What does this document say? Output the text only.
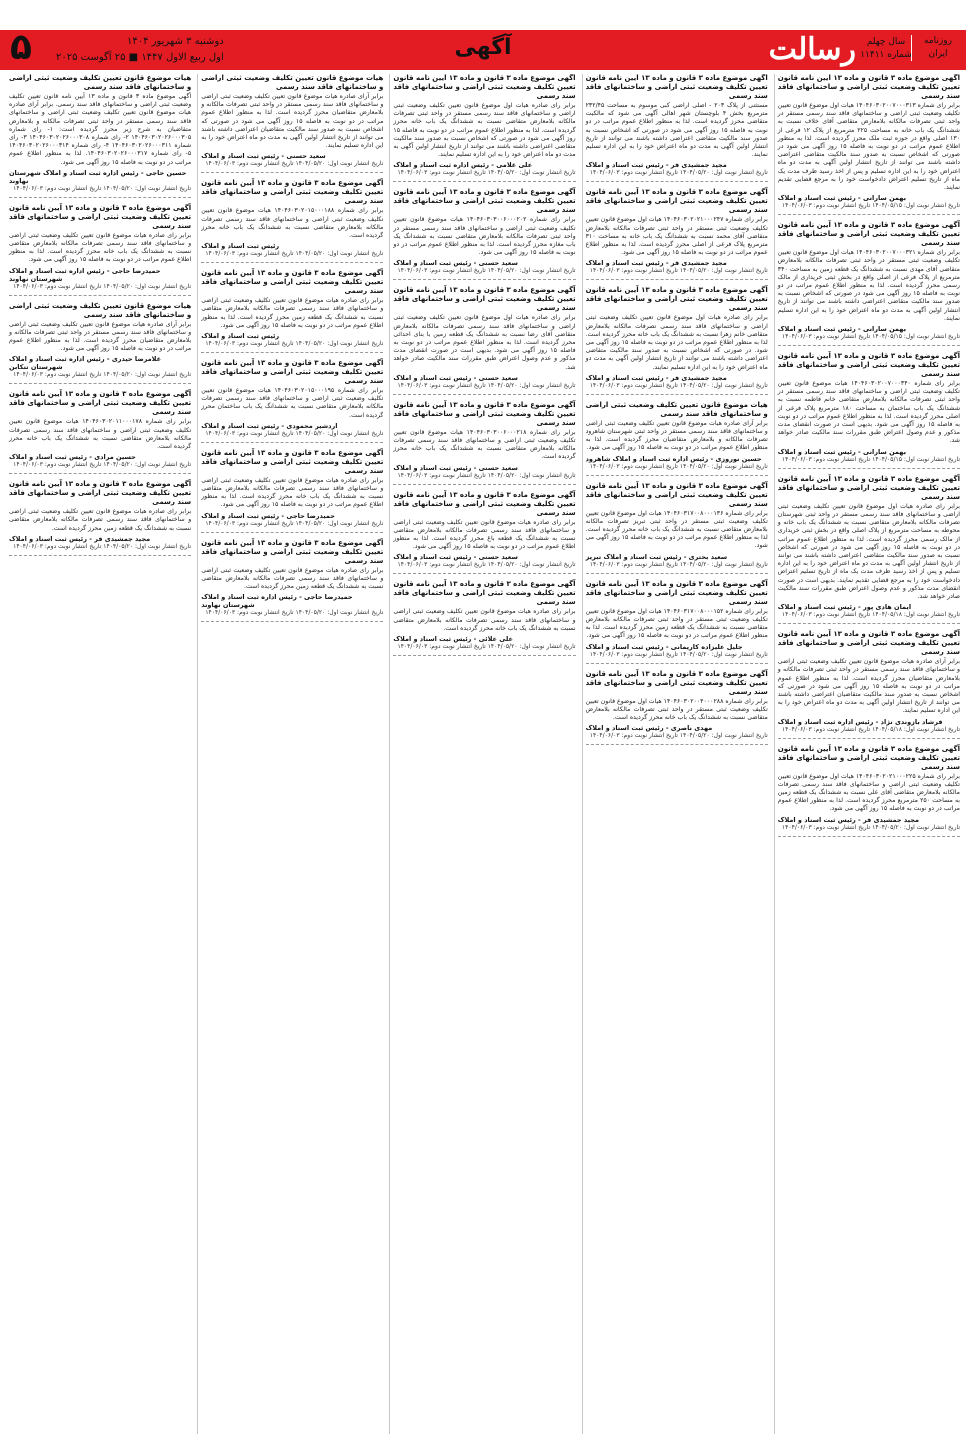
رسالت	روزنامه ایران
سال چهلم شماره ۱۱۴۱۱
آگهی
دوشنبه ۳ شهریور ۱۴۰۴
اول ربیع الاول ۱۴۴۷ ■ ۲۵ آگوست ۲۰۲۵
۵
آگهی موضوع ماده ۳ قانون و ماده ۱۳ آیین نامه قانون تعیین تکلیف وضعیت ثبتی اراضی و ساختمانهای فاقد سند رسمی
برابر رای شماره ۱۴۰۴۶۰۳۰۲۰۰۷۰۰۰۳۱۳ هیات اول موضوع قانون تعیین تکلیف وضعیت ثبتی اراضی و ساختمانهای فاقد سند رسمی مستقر در واحد ثبتی تصرفات مالکانه بلامعارض متقاضی آقای خلاف نسبت به ششدانگ یک باب خانه به مساحت ۲۲۵ مترمربع از پلاک ۱۲ فرعی از ۱۳۰ اصلی واقع در حوزه ثبت ملک محرز گردیده است. لذا به منظور اطلاع عموم مراتب در دو نوبت به فاصله ۱۵ روز آگهی می شود در صورتی که اشخاص نسبت به صدور سند مالکیت متقاضی اعتراضی داشته باشند می توانند از تاریخ انتشار اولین آگهی به مدت دو ماه اعتراض خود را به این اداره تسلیم و پس از اخذ رسید ظرف مدت یک ماه از تاریخ تسلیم اعتراض دادخواست خود را به مرجع قضایی تقدیم نمایند.
بهمن سارانی - رئیس ثبت اسناد و املاک
تاریخ انتشار نوبت اول: ۱۴۰۴/۰۵/۱۵ تاریخ انتشار نوبت دوم: ۱۴۰۴/۰۶/۰۳
آگهی موضوع ماده ۳ قانون و ماده ۱۳ آیین نامه قانون تعیین تکلیف وضعیت ثبتی اراضی و ساختمانهای فاقد سند رسمی
برابر رای شماره ۱۴۰۴۶۰۳۰۲۰۰۷۰۰۰۳۲۱ هیات اول موضوع قانون تعیین تکلیف وضعیت ثبتی مستقر در واحد ثبتی تصرفات مالکانه بلامعارض متقاضی آقای مهدی نسبت به ششدانگ یک قطعه زمین به مساحت ۳۴۰ مترمربع از پلاک فرعی از اصلی واقع در بخش ثبتی خریداری از مالک رسمی محرز گردیده است. لذا به منظور اطلاع عموم مراتب در دو نوبت به فاصله ۱۵ روز آگهی می شود در صورتی که اشخاص نسبت به صدور سند مالکیت متقاضی اعتراضی داشته باشند می توانند از تاریخ انتشار اولین آگهی به مدت دو ماه اعتراض خود را به این اداره تسلیم نمایند.
بهمن سارانی - رئیس ثبت اسناد و املاک
تاریخ انتشار نوبت اول: ۱۴۰۴/۰۵/۱۵ تاریخ انتشار نوبت دوم: ۱۴۰۴/۰۶/۰۳
آگهی موضوع ماده ۳ قانون و ماده ۱۳ آیین نامه قانون تعیین تکلیف وضعیت ثبتی اراضی و ساختمانهای فاقد سند رسمی
برابر رای شماره ۱۴۰۴۶۰۳۰۲۰۰۷۰۰۰۳۴۰ هیات موضوع قانون تعیین تکلیف وضعیت ثبتی اراضی و ساختمانهای فاقد سند رسمی مستقر در واحد ثبتی تصرفات مالکانه بلامعارض متقاضی خانم فاطمه نسبت به ششدانگ یک باب ساختمان به مساحت ۱۸۰ مترمربع پلاک فرعی از اصلی محرز گردیده است. لذا به منظور اطلاع عموم مراتب در دو نوبت به فاصله ۱۵ روز آگهی می شود. بدیهی است در صورت انقضای مدت مذکور و عدم وصول اعتراض طبق مقررات سند مالکیت صادر خواهد شد.
بهمن سارانی - رئیس ثبت اسناد و املاک
تاریخ انتشار نوبت اول: ۱۴۰۴/۰۵/۱۵ تاریخ انتشار نوبت دوم: ۱۴۰۴/۰۶/۰۳
آگهی موضوع ماده ۳ قانون و ماده ۱۳ آیین نامه قانون تعیین تکلیف وضعیت ثبتی اراضی و ساختمانهای فاقد سند رسمی
برابر رای صادره هیات اول موضوع قانون تعیین تکلیف وضعیت ثبتی اراضی و ساختمانهای فاقد سند رسمی مستقر در واحد ثبتی شهرستان تصرفات مالکانه بلامعارض متقاضی نسبت به ششدانگ یک باب خانه و محوطه به مساحت مترمربع از پلاک اصلی واقع در بخش ثبتی خریداری از مالک رسمی محرز گردیده است. لذا به منظور اطلاع عموم مراتب در دو نوبت به فاصله ۱۵ روز آگهی می شود در صورتی که اشخاص نسبت به صدور سند مالکیت متقاضی اعتراضی داشته باشند می توانند از تاریخ انتشار اولین آگهی به مدت دو ماه اعتراض خود را به این اداره تسلیم و پس از اخذ رسید ظرف مدت یک ماه از تاریخ تسلیم اعتراض دادخواست خود را به مرجع قضایی تقدیم نمایند. بدیهی است در صورت انقضای مدت مذکور و عدم وصول اعتراض طبق مقررات سند مالکیت صادر خواهد شد.
ایمان هادی پور - رئیس ثبت اسناد و املاک
تاریخ انتشار نوبت اول: ۱۴۰۴/۰۵/۱۸ تاریخ انتشار نوبت دوم: ۱۴۰۴/۰۶/۰۳
آگهی موضوع ماده ۳ قانون و ماده ۱۳ آیین نامه قانون تعیین تکلیف وضعیت ثبتی اراضی و ساختمانهای فاقد سند رسمی
برابر آرای صادره هیات موضوع قانون تعیین تکلیف وضعیت ثبتی اراضی و ساختمانهای فاقد سند رسمی مستقر در واحد ثبتی تصرفات مالکانه و بلامعارض متقاضیان محرز گردیده است. لذا به منظور اطلاع عموم مراتب در دو نوبت به فاصله ۱۵ روز آگهی می شود در صورتی که اشخاص نسبت به صدور سند مالکیت متقاضیان اعتراضی داشته باشند می توانند از تاریخ انتشار اولین آگهی به مدت دو ماه اعتراض خود را به این اداره تسلیم نمایند.
فرشاد بازوندی نژاد - رئیس اداره ثبت اسناد و املاک
تاریخ انتشار نوبت اول: ۱۴۰۴/۰۵/۱۸ تاریخ انتشار نوبت دوم: ۱۴۰۴/۰۶/۰۳
آگهی موضوع ماده ۳ قانون و ماده ۱۳ آیین نامه قانون تعیین تکلیف وضعیت ثبتی اراضی و ساختمانهای فاقد سند رسمی
برابر رای شماره ۱۴۰۴۶۰۳۰۲۰۲۱۰۰۰۲۲۵ هیات اول موضوع قانون تعیین تکلیف وضعیت ثبتی اراضی و ساختمانهای فاقد سند رسمی تصرفات مالکانه بلامعارض متقاضی آقای علی نسبت به ششدانگ یک قطعه زمین به مساحت ۲۵۰ مترمربع محرز گردیده است. لذا به منظور اطلاع عموم مراتب در دو نوبت به فاصله ۱۵ روز آگهی می شود.
مجید جمشیدی فر - رئیس ثبت اسناد و املاک
تاریخ انتشار نوبت اول: ۱۴۰۴/۰۵/۲۰ تاریخ انتشار نوبت دوم: ۱۴۰۴/۰۶/۰۳
آگهی موضوع ماده ۳ قانون و ماده ۱۳ آیین نامه قانون تعیین تکلیف وضعیت ثبتی اراضی و ساختمانهای فاقد سند رسمی
مستثنی از پلاک ۲۰۳ - اصلی اراضی کبی موسوم به مساحت ۲۳۲/۴۵ مترمربع بخش ۴ بلوچستان شهر اهالی آگهی می شود که مالکیت متقاضی محرز گردیده است. لذا به منظور اطلاع عموم مراتب در دو نوبت به فاصله ۱۵ روز آگهی می شود در صورتی که اشخاص نسبت به صدور سند مالکیت متقاضی اعتراضی داشته باشند می توانند از تاریخ انتشار اولین آگهی به مدت دو ماه اعتراض خود را به این اداره تسلیم نمایند.
مجید جمشیدی فر - رئیس ثبت اسناد و املاک
تاریخ انتشار نوبت اول: ۱۴۰۴/۰۵/۲۰ تاریخ انتشار نوبت دوم: ۱۴۰۴/۰۶/۰۳
آگهی موضوع ماده ۳ قانون و ماده ۱۳ آیین نامه قانون تعیین تکلیف وضعیت ثبتی اراضی و ساختمانهای فاقد سند رسمی
برابر رای شماره ۱۴۰۴۶۰۳۰۲۰۲۱۰۰۰۲۴۷ هیات اول موضوع قانون تعیین تکلیف وضعیت ثبتی مستقر در واحد ثبتی تصرفات مالکانه بلامعارض متقاضی آقای محمد نسبت به ششدانگ یک باب خانه به مساحت ۳۱۰ مترمربع پلاک فرعی از اصلی محرز گردیده است. لذا به منظور اطلاع عموم مراتب در دو نوبت به فاصله ۱۵ روز آگهی می شود.
مجید جمشیدی فر - رئیس ثبت اسناد و املاک
تاریخ انتشار نوبت اول: ۱۴۰۴/۰۵/۲۰ تاریخ انتشار نوبت دوم: ۱۴۰۴/۰۶/۰۳
آگهی موضوع ماده ۳ قانون و ماده ۱۳ آیین نامه قانون تعیین تکلیف وضعیت ثبتی اراضی و ساختمانهای فاقد سند رسمی
برابر رای صادره هیات اول موضوع قانون تعیین تکلیف وضعیت ثبتی اراضی و ساختمانهای فاقد سند رسمی تصرفات مالکانه بلامعارض متقاضی خانم زهرا نسبت به ششدانگ یک باب خانه محرز گردیده است. لذا به منظور اطلاع عموم مراتب در دو نوبت به فاصله ۱۵ روز آگهی می شود. در صورتی که اشخاص نسبت به صدور سند مالکیت متقاضی اعتراضی داشته باشند می توانند از تاریخ انتشار اولین آگهی به مدت دو ماه اعتراض خود را به این اداره تسلیم نمایند.
مجید جمشیدی فر - رئیس ثبت اسناد و املاک
تاریخ انتشار نوبت اول: ۱۴۰۴/۰۵/۲۰ تاریخ انتشار نوبت دوم: ۱۴۰۴/۰۶/۰۳
هیات موضوع قانون تعیین تکلیف وضعیت ثبتی اراضی و ساختمانهای فاقد سند رسمی
برابر آرای صادره هیات موضوع قانون تعیین تکلیف وضعیت ثبتی اراضی و ساختمانهای فاقد سند رسمی مستقر در واحد ثبتی شهرستان شاهرود تصرفات مالکانه و بلامعارض متقاضیان محرز گردیده است. لذا به منظور اطلاع عموم مراتب در دو نوبت به فاصله ۱۵ روز آگهی می شود.
حسین نوروزی - رئیس اداره ثبت اسناد و املاک شاهرود
تاریخ انتشار نوبت اول: ۱۴۰۴/۰۵/۲۰ تاریخ انتشار نوبت دوم: ۱۴۰۴/۰۶/۰۳
آگهی موضوع ماده ۳ قانون و ماده ۱۳ آیین نامه قانون تعیین تکلیف وضعیت ثبتی اراضی و ساختمانهای فاقد سند رسمی
برابر رای شماره ۱۴۰۴۶۰۳۱۷۰۰۸۰۰۰۱۳۶ هیات اول موضوع قانون تعیین تکلیف وضعیت ثبتی مستقر در واحد ثبتی تبریز تصرفات مالکانه بلامعارض متقاضی نسبت به ششدانگ یک باب خانه محرز گردیده است. لذا به منظور اطلاع عموم مراتب در دو نوبت به فاصله ۱۵ روز آگهی می شود.
سعید بحتری - رئیس ثبت اسناد و املاک تبریز
تاریخ انتشار نوبت اول: ۱۴۰۴/۰۵/۲۰ تاریخ انتشار نوبت دوم: ۱۴۰۴/۰۶/۰۳
آگهی موضوع ماده ۳ قانون و ماده ۱۳ آیین نامه قانون تعیین تکلیف وضعیت ثبتی اراضی و ساختمانهای فاقد سند رسمی
برابر رای شماره ۱۴۰۴۶۰۳۱۷۰۰۸۰۰۰۱۵۲ هیات اول موضوع قانون تعیین تکلیف وضعیت ثبتی مستقر در واحد ثبتی تصرفات مالکانه بلامعارض متقاضی نسبت به ششدانگ یک قطعه زمین محرز گردیده است. لذا به منظور اطلاع عموم مراتب در دو نوبت به فاصله ۱۵ روز آگهی می شود.
جلیل علیزاده کاریمانی - رئیس ثبت اسناد و املاک
تاریخ انتشار نوبت اول: ۱۴۰۴/۰۵/۲۰ تاریخ انتشار نوبت دوم: ۱۴۰۴/۰۶/۰۳
آگهی موضوع ماده ۳ قانون و ماده ۱۳ آیین نامه قانون تعیین تکلیف وضعیت ثبتی اراضی و ساختمانهای فاقد سند رسمی
برابر رای شماره ۱۴۰۴۶۰۳۰۲۰۰۴۰۰۰۲۸۸ هیات اول موضوع قانون تعیین تکلیف وضعیت ثبتی مستقر در واحد ثبتی تصرفات مالکانه بلامعارض متقاضی نسبت به ششدانگ یک باب خانه محرز گردیده است.
مهدی ناصری - رئیس ثبت اسناد و املاک
تاریخ انتشار نوبت اول: ۱۴۰۴/۰۵/۲۰ تاریخ انتشار نوبت دوم: ۱۴۰۴/۰۶/۰۳
آگهی موضوع ماده ۳ قانون و ماده ۱۳ آیین نامه قانون تعیین تکلیف وضعیت ثبتی اراضی و ساختمانهای فاقد سند رسمی
برابر رای صادره هیات اول موضوع قانون تعیین تکلیف وضعیت ثبتی اراضی و ساختمانهای فاقد سند رسمی مستقر در واحد ثبتی تصرفات مالکانه بلامعارض متقاضی نسبت به ششدانگ یک باب خانه محرز گردیده است. لذا به منظور اطلاع عموم مراتب در دو نوبت به فاصله ۱۵ روز آگهی می شود در صورتی که اشخاص نسبت به صدور سند مالکیت متقاضی اعتراضی داشته باشند می توانند از تاریخ انتشار اولین آگهی به مدت دو ماه اعتراض خود را به این اداره تسلیم نمایند.
علی غلامی - رئیس اداره ثبت اسناد و املاک
تاریخ انتشار نوبت اول: ۱۴۰۴/۰۵/۲۰ تاریخ انتشار نوبت دوم: ۱۴۰۴/۰۶/۰۳
آگهی موضوع ماده ۳ قانون و ماده ۱۳ آیین نامه قانون تعیین تکلیف وضعیت ثبتی اراضی و ساختمانهای فاقد سند رسمی
برابر رای شماره ۱۴۰۴۶۰۳۰۳۰۰۶۰۰۰۲۰۲ هیات موضوع قانون تعیین تکلیف وضعیت ثبتی اراضی و ساختمانهای فاقد سند رسمی مستقر در واحد ثبتی تصرفات مالکانه بلامعارض متقاضی نسبت به ششدانگ یک باب مغازه محرز گردیده است. لذا به منظور اطلاع عموم مراتب در دو نوبت به فاصله ۱۵ روز آگهی می شود.
سعید حسنی - رئیس ثبت اسناد و املاک
تاریخ انتشار نوبت اول: ۱۴۰۴/۰۵/۲۰ تاریخ انتشار نوبت دوم: ۱۴۰۴/۰۶/۰۳
آگهی موضوع ماده ۳ قانون و ماده ۱۳ آیین نامه قانون تعیین تکلیف وضعیت ثبتی اراضی و ساختمانهای فاقد سند رسمی
برابر رای صادره هیات اول موضوع قانون تعیین تکلیف وضعیت ثبتی اراضی و ساختمانهای فاقد سند رسمی تصرفات مالکانه بلامعارض متقاضی آقای رضا نسبت به ششدانگ یک قطعه زمین با بنای احداثی محرز گردیده است. لذا به منظور اطلاع عموم مراتب در دو نوبت به فاصله ۱۵ روز آگهی می شود. بدیهی است در صورت انقضای مدت مذکور و عدم وصول اعتراض طبق مقررات سند مالکیت صادر خواهد شد.
سعید حسنی - رئیس ثبت اسناد و املاک
تاریخ انتشار نوبت اول: ۱۴۰۴/۰۵/۲۰ تاریخ انتشار نوبت دوم: ۱۴۰۴/۰۶/۰۳
آگهی موضوع ماده ۳ قانون و ماده ۱۳ آیین نامه قانون تعیین تکلیف وضعیت ثبتی اراضی و ساختمانهای فاقد سند رسمی
برابر رای شماره ۱۴۰۴۶۰۳۰۳۰۰۶۰۰۰۲۱۸ هیات موضوع قانون تعیین تکلیف وضعیت ثبتی اراضی و ساختمانهای فاقد سند رسمی تصرفات مالکانه بلامعارض متقاضی نسبت به ششدانگ یک باب خانه محرز گردیده است.
سعید حسنی - رئیس ثبت اسناد و املاک
تاریخ انتشار نوبت اول: ۱۴۰۴/۰۵/۲۰ تاریخ انتشار نوبت دوم: ۱۴۰۴/۰۶/۰۳
آگهی موضوع ماده ۳ قانون و ماده ۱۳ آیین نامه قانون تعیین تکلیف وضعیت ثبتی اراضی و ساختمانهای فاقد سند رسمی
برابر رای صادره هیات موضوع قانون تعیین تکلیف وضعیت ثبتی اراضی و ساختمانهای فاقد سند رسمی تصرفات مالکانه بلامعارض متقاضی نسبت به ششدانگ یک قطعه باغ محرز گردیده است. لذا به منظور اطلاع عموم مراتب در دو نوبت به فاصله ۱۵ روز آگهی می شود.
سعید حسنی - رئیس ثبت اسناد و املاک
تاریخ انتشار نوبت اول: ۱۴۰۴/۰۵/۲۰ تاریخ انتشار نوبت دوم: ۱۴۰۴/۰۶/۰۳
آگهی موضوع ماده ۳ قانون و ماده ۱۳ آیین نامه قانون تعیین تکلیف وضعیت ثبتی اراضی و ساختمانهای فاقد سند رسمی
برابر رای صادره هیات موضوع قانون تعیین تکلیف وضعیت ثبتی اراضی و ساختمانهای فاقد سند رسمی تصرفات مالکانه بلامعارض متقاضی نسبت به ششدانگ یک باب خانه محرز گردیده است.
علی علائی - رئیس ثبت اسناد و املاک
تاریخ انتشار نوبت اول: ۱۴۰۴/۰۵/۲۰ تاریخ انتشار نوبت دوم: ۱۴۰۴/۰۶/۰۳
هیات موضوع قانون تعیین تکلیف وضعیت ثبتی اراضی و ساختمانهای فاقد سند رسمی
برابر آرای صادره هیات موضوع قانون تعیین تکلیف وضعیت ثبتی اراضی و ساختمانهای فاقد سند رسمی مستقر در واحد ثبتی تصرفات مالکانه و بلامعارض متقاضیان محرز گردیده است. لذا به منظور اطلاع عموم مراتب در دو نوبت به فاصله ۱۵ روز آگهی می شود در صورتی که اشخاص نسبت به صدور سند مالکیت متقاضیان اعتراضی داشته باشند می توانند از تاریخ انتشار اولین آگهی به مدت دو ماه اعتراض خود را به این اداره تسلیم نمایند.
سعید حسنی - رئیس ثبت اسناد و املاک
تاریخ انتشار نوبت اول: ۱۴۰۴/۰۵/۲۰ تاریخ انتشار نوبت دوم: ۱۴۰۴/۰۶/۰۳
آگهی موضوع ماده ۳ قانون و ماده ۱۳ آیین نامه قانون تعیین تکلیف وضعیت ثبتی اراضی و ساختمانهای فاقد سند رسمی
برابر رای شماره ۱۴۰۴۶۰۳۰۲۰۱۵۰۰۰۱۸۸ هیات موضوع قانون تعیین تکلیف وضعیت ثبتی اراضی و ساختمانهای فاقد سند رسمی تصرفات مالکانه بلامعارض متقاضی نسبت به ششدانگ یک باب خانه محرز گردیده است.
رئیس ثبت اسناد و املاک
تاریخ انتشار نوبت اول: ۱۴۰۴/۰۵/۲۰ تاریخ انتشار نوبت دوم: ۱۴۰۴/۰۶/۰۳
آگهی موضوع ماده ۳ قانون و ماده ۱۳ آیین نامه قانون تعیین تکلیف وضعیت ثبتی اراضی و ساختمانهای فاقد سند رسمی
برابر رای صادره هیات موضوع قانون تعیین تکلیف وضعیت ثبتی اراضی و ساختمانهای فاقد سند رسمی تصرفات مالکانه بلامعارض متقاضی نسبت به ششدانگ یک قطعه زمین محرز گردیده است. لذا به منظور اطلاع عموم مراتب در دو نوبت به فاصله ۱۵ روز آگهی می شود.
رئیس ثبت اسناد و املاک
تاریخ انتشار نوبت اول: ۱۴۰۴/۰۵/۲۰ تاریخ انتشار نوبت دوم: ۱۴۰۴/۰۶/۰۳
آگهی موضوع ماده ۳ قانون و ماده ۱۳ آیین نامه قانون تعیین تکلیف وضعیت ثبتی اراضی و ساختمانهای فاقد سند رسمی
برابر رای شماره ۱۴۰۴۶۰۳۰۲۰۱۵۰۰۰۱۹۵ هیات موضوع قانون تعیین تکلیف وضعیت ثبتی اراضی و ساختمانهای فاقد سند رسمی تصرفات مالکانه بلامعارض متقاضی نسبت به ششدانگ یک باب ساختمان محرز گردیده است.
اردشیر محمودی - رئیس ثبت اسناد و املاک
تاریخ انتشار نوبت اول: ۱۴۰۴/۰۵/۲۰ تاریخ انتشار نوبت دوم: ۱۴۰۴/۰۶/۰۳
آگهی موضوع ماده ۳ قانون و ماده ۱۳ آیین نامه قانون تعیین تکلیف وضعیت ثبتی اراضی و ساختمانهای فاقد سند رسمی
برابر رای صادره هیات موضوع قانون تعیین تکلیف وضعیت ثبتی اراضی و ساختمانهای فاقد سند رسمی تصرفات مالکانه بلامعارض متقاضی نسبت به ششدانگ یک باب خانه محرز گردیده است. لذا به منظور اطلاع عموم مراتب در دو نوبت به فاصله ۱۵ روز آگهی می شود.
حمیدرضا حاجی - رئیس ثبت اسناد و املاک
تاریخ انتشار نوبت اول: ۱۴۰۴/۰۵/۲۰ تاریخ انتشار نوبت دوم: ۱۴۰۴/۰۶/۰۳
آگهی موضوع ماده ۳ قانون و ماده ۱۳ آیین نامه قانون تعیین تکلیف وضعیت ثبتی اراضی و ساختمانهای فاقد سند رسمی
برابر رای صادره هیات موضوع قانون تعیین تکلیف وضعیت ثبتی اراضی و ساختمانهای فاقد سند رسمی تصرفات مالکانه بلامعارض متقاضی نسبت به ششدانگ یک قطعه زمین محرز گردیده است.
حمیدرضا حاجی - رئیس اداره ثبت اسناد و املاک شهرستان نهاوند
تاریخ انتشار نوبت اول: ۱۴۰۴/۰۵/۲۰ تاریخ انتشار نوبت دوم: ۱۴۰۴/۰۶/۰۳
هیات موضوع قانون تعیین تکلیف وضعیت ثبتی اراضی و ساختمانهای فاقد سند رسمی
آگهی موضوع ماده ۳ قانون و ماده ۱۳ آیین نامه قانون تعیین تکلیف وضعیت ثبتی اراضی و ساختمانهای فاقد سند رسمی. برابر آرای صادره هیات موضوع قانون تعیین تکلیف وضعیت ثبتی اراضی و ساختمانهای فاقد سند رسمی مستقر در واحد ثبتی تصرفات مالکانه و بلامعارض متقاضیان به شرح زیر محرز گردیده است: ۱- رای شماره ۱۴۰۴۶۰۳۰۲۰۲۶۰۰۰۳۰۵ ۲- رای شماره ۱۴۰۴۶۰۳۰۲۰۲۶۰۰۰۳۰۸ ۳- رای شماره ۱۴۰۴۶۰۳۰۲۰۲۶۰۰۰۳۱۱ ۴- رای شماره ۱۴۰۴۶۰۳۰۲۰۲۶۰۰۰۳۱۴ ۵- رای شماره ۱۴۰۴۶۰۳۰۲۰۲۶۰۰۰۳۱۷. لذا به منظور اطلاع عموم مراتب در دو نوبت به فاصله ۱۵ روز آگهی می شود.
حسین حاجی - رئیس اداره ثبت اسناد و املاک شهرستان نهاوند
تاریخ انتشار نوبت اول: ۱۴۰۴/۰۵/۲۰ تاریخ انتشار نوبت دوم: ۱۴۰۴/۰۶/۰۳
آگهی موضوع ماده ۳ قانون و ماده ۱۳ آیین نامه قانون تعیین تکلیف وضعیت ثبتی اراضی و ساختمانهای فاقد سند رسمی
برابر رای صادره هیات موضوع قانون تعیین تکلیف وضعیت ثبتی اراضی و ساختمانهای فاقد سند رسمی تصرفات مالکانه بلامعارض متقاضی نسبت به ششدانگ یک باب خانه محرز گردیده است. لذا به منظور اطلاع عموم مراتب در دو نوبت به فاصله ۱۵ روز آگهی می شود.
حمیدرضا حاجی - رئیس اداره ثبت اسناد و املاک شهرستان نهاوند
تاریخ انتشار نوبت اول: ۱۴۰۴/۰۵/۲۰ تاریخ انتشار نوبت دوم: ۱۴۰۴/۰۶/۰۳
هیات موضوع قانون تعیین تکلیف وضعیت ثبتی اراضی و ساختمانهای فاقد سند رسمی
برابر آرای صادره هیات موضوع قانون تعیین تکلیف وضعیت ثبتی اراضی و ساختمانهای فاقد سند رسمی مستقر در واحد ثبتی تصرفات مالکانه و بلامعارض متقاضیان محرز گردیده است. لذا به منظور اطلاع عموم مراتب در دو نوبت به فاصله ۱۵ روز آگهی می شود.
غلامرضا حیدری - رئیس اداره ثبت اسناد و املاک شهرستان تنکابن
تاریخ انتشار نوبت اول: ۱۴۰۴/۰۵/۲۰ تاریخ انتشار نوبت دوم: ۱۴۰۴/۰۶/۰۳
آگهی موضوع ماده ۳ قانون و ماده ۱۳ آیین نامه قانون تعیین تکلیف وضعیت ثبتی اراضی و ساختمانهای فاقد سند رسمی
برابر رای شماره ۱۴۰۴۶۰۳۰۲۰۱۱۰۰۰۱۷۸ هیات موضوع قانون تعیین تکلیف وضعیت ثبتی اراضی و ساختمانهای فاقد سند رسمی تصرفات مالکانه بلامعارض متقاضی نسبت به ششدانگ یک باب خانه محرز گردیده است.
حسین مرادی - رئیس ثبت اسناد و املاک
تاریخ انتشار نوبت اول: ۱۴۰۴/۰۵/۲۰ تاریخ انتشار نوبت دوم: ۱۴۰۴/۰۶/۰۳
آگهی موضوع ماده ۳ قانون و ماده ۱۳ آیین نامه قانون تعیین تکلیف وضعیت ثبتی اراضی و ساختمانهای فاقد سند رسمی
برابر رای صادره هیات موضوع قانون تعیین تکلیف وضعیت ثبتی اراضی و ساختمانهای فاقد سند رسمی تصرفات مالکانه بلامعارض متقاضی نسبت به ششدانگ یک قطعه زمین محرز گردیده است.
مجید جمشیدی فر - رئیس ثبت اسناد و املاک
تاریخ انتشار نوبت اول: ۱۴۰۴/۰۵/۲۰ تاریخ انتشار نوبت دوم: ۱۴۰۴/۰۶/۰۳
